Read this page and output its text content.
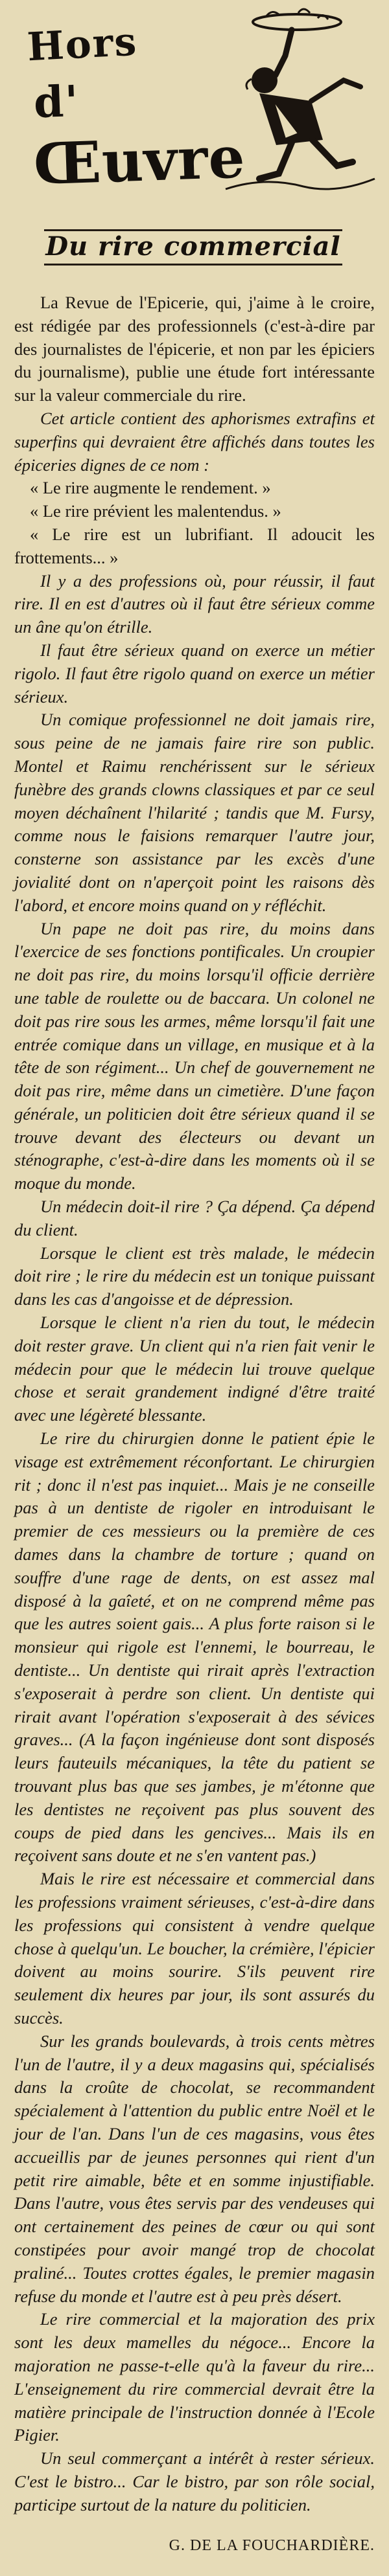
Hors
d'
Œuvre
Du rire commercial

La Revue de l'Epicerie, qui, j'aime à le croire, est rédigée par des professionnels (c'est-à-dire par des journalistes de l'épicerie, et non par les épiciers du journalisme), publie une étude fort intéressante sur la valeur commerciale du rire.

Cet article contient des aphorismes extrafins et superfins qui devraient être affichés dans toutes les épiceries dignes de ce nom :

« Le rire augmente le rendement. »

« Le rire prévient les malentendus. »

« Le rire est un lubrifiant. Il adoucit les frottements... »

Il y a des professions où, pour réussir, il faut rire. Il en est d'autres où il faut être sérieux comme un âne qu'on étrille.

Il faut être sérieux quand on exerce un métier rigolo. Il faut être rigolo quand on exerce un métier sérieux.

Un comique professionnel ne doit jamais rire, sous peine de ne jamais faire rire son public. Montel et Raimu renchérissent sur le sérieux funèbre des grands clowns classiques et par ce seul moyen déchaînent l'hilarité ; tandis que M. Fursy, comme nous le faisions remarquer l'autre jour, consterne son assistance par les excès d'une jovialité dont on n'aperçoit point les raisons dès l'abord, et encore moins quand on y réfléchit.

Un pape ne doit pas rire, du moins dans l'exercice de ses fonctions pontificales. Un croupier ne doit pas rire, du moins lorsqu'il officie derrière une table de roulette ou de baccara. Un colonel ne doit pas rire sous les armes, même lorsqu'il fait une entrée comique dans un village, en musique et à la tête de son régiment... Un chef de gouvernement ne doit pas rire, même dans un cimetière. D'une façon générale, un politicien doit être sérieux quand il se trouve devant des électeurs ou devant un sténographe, c'est-à-dire dans les moments où il se moque du monde.

Un médecin doit-il rire ? Ça dépend. Ça dépend du client.

Lorsque le client est très malade, le médecin doit rire ; le rire du médecin est un tonique puissant dans les cas d'angoisse et de dépression.

Lorsque le client n'a rien du tout, le médecin doit rester grave. Un client qui n'a rien fait venir le médecin pour que le médecin lui trouve quelque chose et serait grandement indigné d'être traité avec une légèreté blessante.

Le rire du chirurgien donne le patient épie le visage est extrêmement réconfortant. Le chirurgien rit ; donc il n'est pas inquiet... Mais je ne conseille pas à un dentiste de rigoler en introduisant le premier de ces messieurs ou la première de ces dames dans la chambre de torture ; quand on souffre d'une rage de dents, on est assez mal disposé à la gaîeté, et on ne comprend même pas que les autres soient gais... A plus forte raison si le monsieur qui rigole est l'ennemi, le bourreau, le dentiste... Un dentiste qui rirait après l'extraction s'exposerait à perdre son client. Un dentiste qui rirait avant l'opération s'exposerait à des sévices graves... (A la façon ingénieuse dont sont disposés leurs fauteuils mécaniques, la tête du patient se trouvant plus bas que ses jambes, je m'étonne que les dentistes ne reçoivent pas plus souvent des coups de pied dans les gencives... Mais ils en reçoivent sans doute et ne s'en vantent pas.)

Mais le rire est nécessaire et commercial dans les professions vraiment sérieuses, c'est-à-dire dans les professions qui consistent à vendre quelque chose à quelqu'un. Le boucher, la crémière, l'épicier doivent au moins sourire. S'ils peuvent rire seulement dix heures par jour, ils sont assurés du succès.

Sur les grands boulevards, à trois cents mètres l'un de l'autre, il y a deux magasins qui, spécialisés dans la croûte de chocolat, se recommandent spécialement à l'attention du public entre Noël et le jour de l'an. Dans l'un de ces magasins, vous êtes accueillis par de jeunes personnes qui rient d'un petit rire aimable, bête et en somme injustifiable. Dans l'autre, vous êtes servis par des vendeuses qui ont certainement des peines de cœur ou qui sont constipées pour avoir mangé trop de chocolat praliné... Toutes crottes égales, le premier magasin refuse du monde et l'autre est à peu près désert.

Le rire commercial et la majoration des prix sont les deux mamelles du négoce... Encore la majoration ne passe-t-elle qu'à la faveur du rire... L'enseignement du rire commercial devrait être la matière principale de l'instruction donnée à l'Ecole Pigier.

Un seul commerçant a intérêt à rester sérieux. C'est le bistro... Car le bistro, par son rôle social, participe surtout de la nature du politicien.

G. DE LA FOUCHARDIÈRE.
